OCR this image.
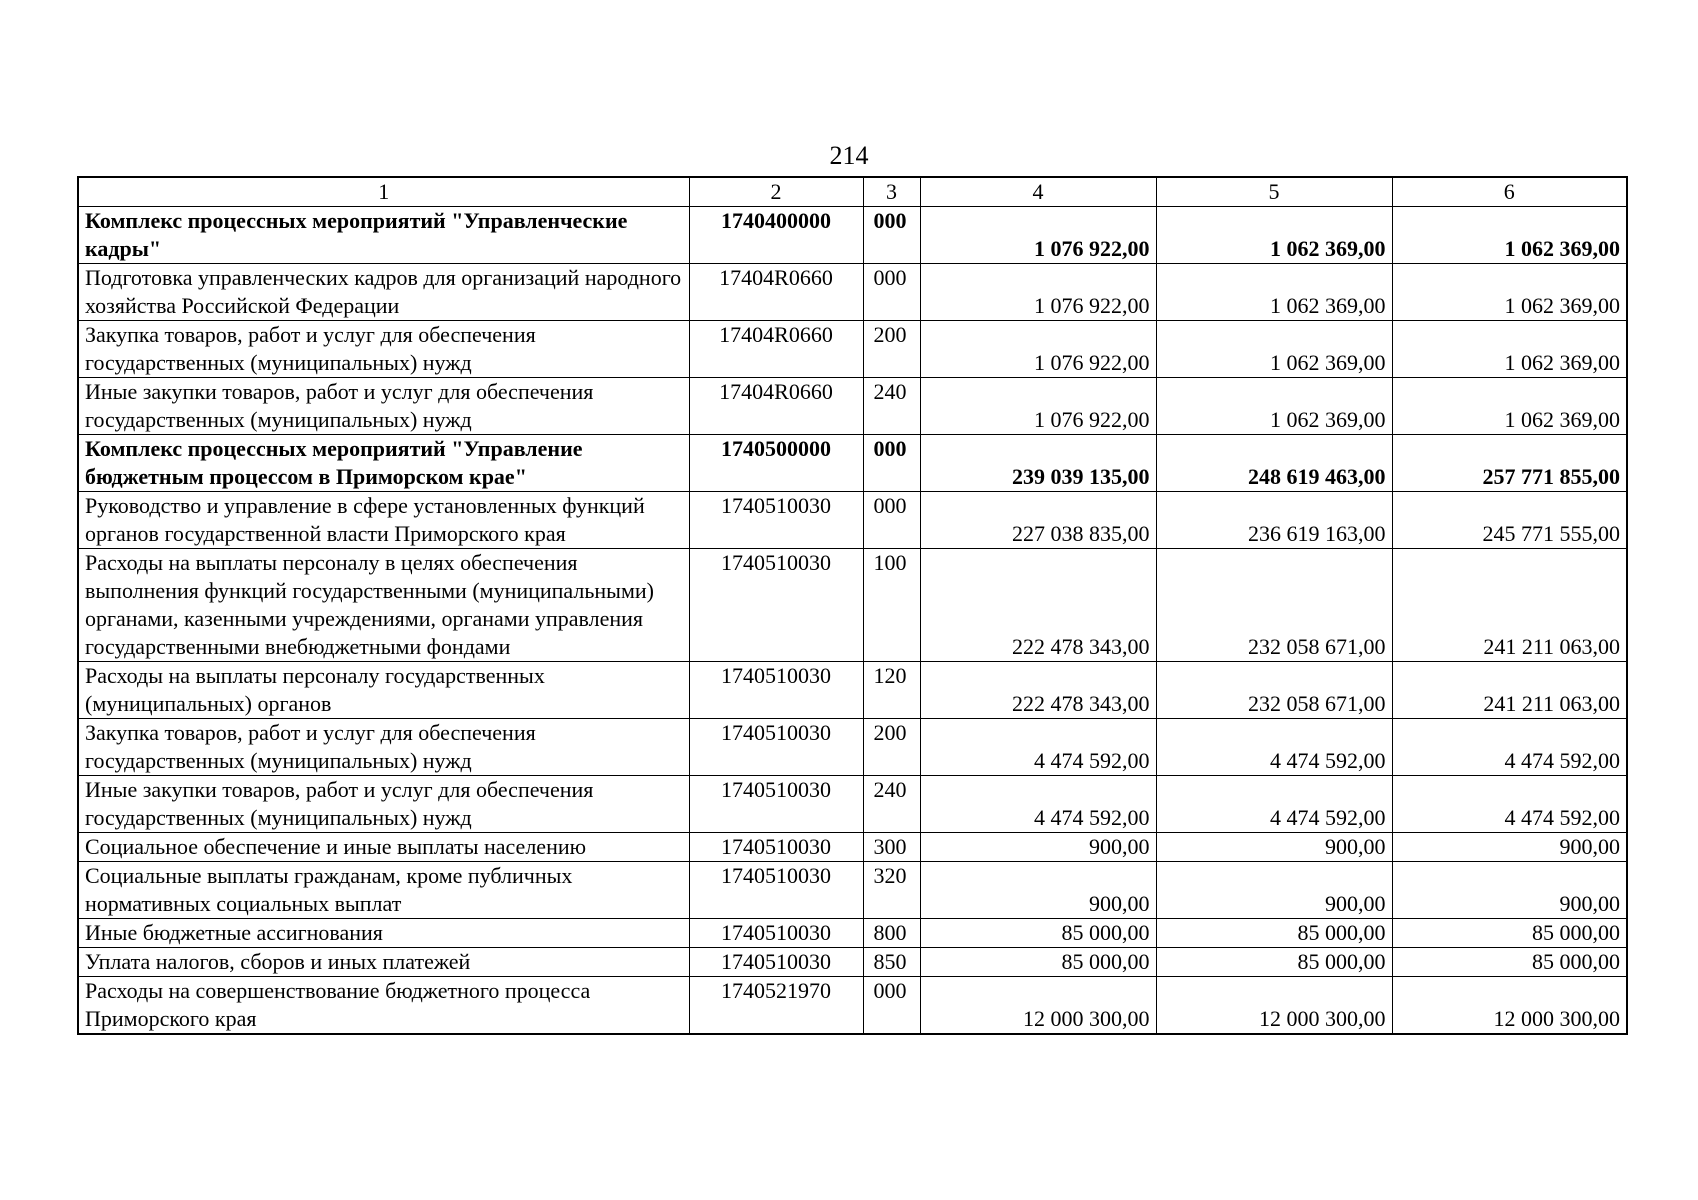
214
1	2	3	4	5	6
Комплекс процессных мероприятий "Управленческие кадры"	1740400000	000	1 076 922,00	1 062 369,00	1 062 369,00
Подготовка управленческих кадров для организаций народного хозяйства Российской Федерации	17404R0660	000	1 076 922,00	1 062 369,00	1 062 369,00
Закупка товаров, работ и услуг для обеспечения государственных (муниципальных) нужд	17404R0660	200	1 076 922,00	1 062 369,00	1 062 369,00
Иные закупки товаров, работ и услуг для обеспечения государственных (муниципальных) нужд	17404R0660	240	1 076 922,00	1 062 369,00	1 062 369,00
Комплекс процессных мероприятий "Управление бюджетным процессом в Приморском крае"	1740500000	000	239 039 135,00	248 619 463,00	257 771 855,00
Руководство и управление в сфере установленных функций органов государственной власти Приморского края	1740510030	000	227 038 835,00	236 619 163,00	245 771 555,00
Расходы на выплаты персоналу в целях обеспечения выполнения функций государственными (муниципальными) органами, казенными учреждениями, органами управления государственными внебюджетными фондами	1740510030	100	222 478 343,00	232 058 671,00	241 211 063,00
Расходы на выплаты персоналу государственных (муниципальных) органов	1740510030	120	222 478 343,00	232 058 671,00	241 211 063,00
Закупка товаров, работ и услуг для обеспечения государственных (муниципальных) нужд	1740510030	200	4 474 592,00	4 474 592,00	4 474 592,00
Иные закупки товаров, работ и услуг для обеспечения государственных (муниципальных) нужд	1740510030	240	4 474 592,00	4 474 592,00	4 474 592,00
Социальное обеспечение и иные выплаты населению	1740510030	300	900,00	900,00	900,00
Социальные выплаты гражданам, кроме публичных нормативных социальных выплат	1740510030	320	900,00	900,00	900,00
Иные бюджетные ассигнования	1740510030	800	85 000,00	85 000,00	85 000,00
Уплата налогов, сборов и иных платежей	1740510030	850	85 000,00	85 000,00	85 000,00
Расходы на совершенствование бюджетного процесса Приморского края	1740521970	000	12 000 300,00	12 000 300,00	12 000 300,00
